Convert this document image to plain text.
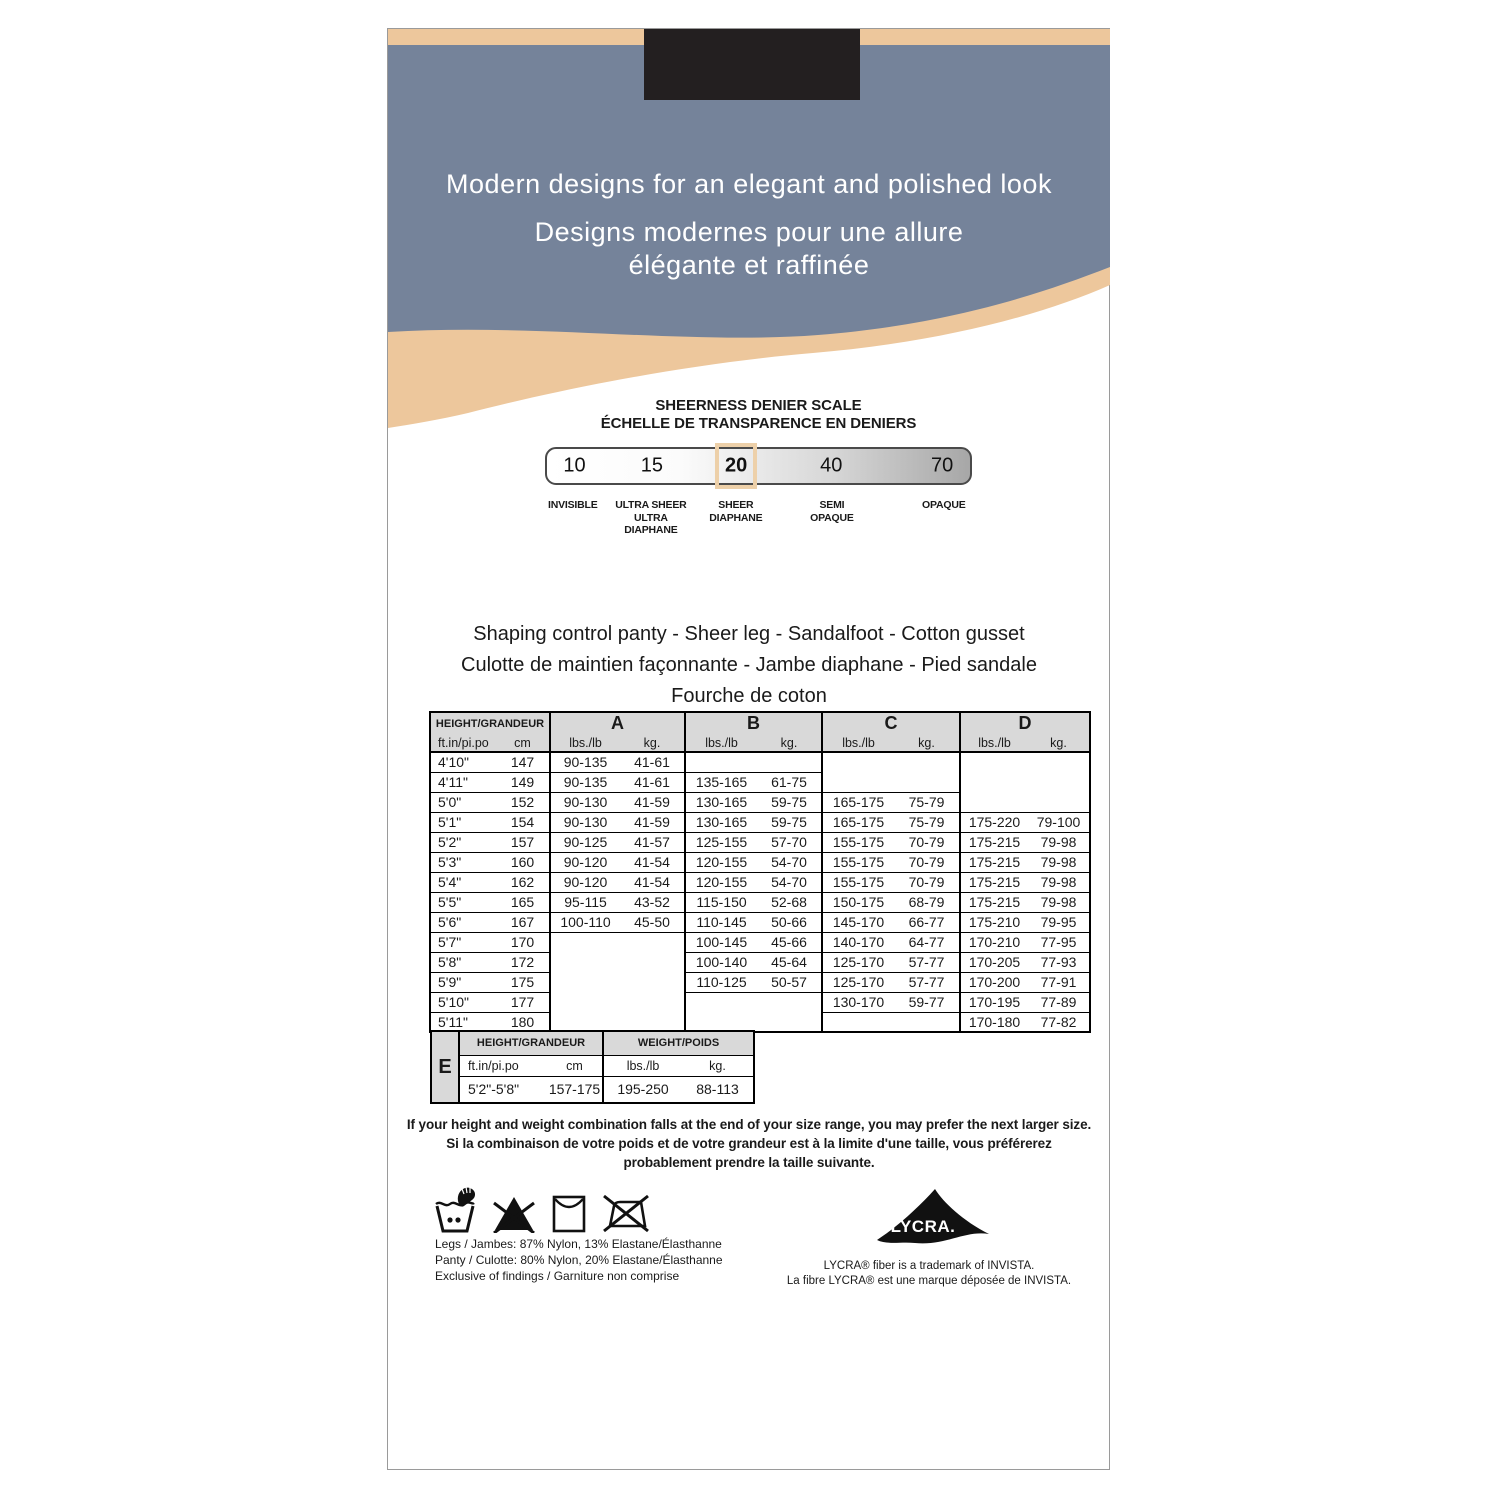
Modern designs for an elegant and polished look
Designs modernes pour une allure
élégante et raffinée
SHEERNESS DENIER SCALE
ÉCHELLE DE TRANSPARENCE EN DENIERS
10	15	20	40	70
INVISIBLE ULTRA SHEER
ULTRA
DIAPHANE
SHEER
DIAPHANE
SEMI
OPAQUE
OPAQUE
Shaping control panty - Sheer leg - Sandalfoot - Cotton gusset
Culotte de maintien façonnante - Jambe diaphane - Pied sandale
Fourche de coton
HEIGHT/GRANDEUR		A		B		C		D	
ft.in/pi.po	cm	lbs./lb	kg.	lbs./lb	kg.	lbs./lb	kg.	lbs./lb	kg.
4'10"	147	90-135	41-61						
4'11"	149	90-135	41-61	135-165	61-75				
5'0"	152	90-130	41-59	130-165	59-75	165-175	75-79		
5'1"	154	90-130	41-59	130-165	59-75	165-175	75-79	175-220	79-100
5'2"	157	90-125	41-57	125-155	57-70	155-175	70-79	175-215	79-98
5'3"	160	90-120	41-54	120-155	54-70	155-175	70-79	175-215	79-98
5'4"	162	90-120	41-54	120-155	54-70	155-175	70-79	175-215	79-98
5'5"	165	95-115	43-52	115-150	52-68	150-175	68-79	175-215	79-98
5'6"	167	100-110	45-50	110-145	50-66	145-170	66-77	175-210	79-95
5'7"	170			100-145	45-66	140-170	64-77	170-210	77-95
5'8"	172			100-140	45-64	125-170	57-77	170-205	77-93
5'9"	175			110-125	50-57	125-170	57-77	170-200	77-91
5'10"	177					130-170	59-77	170-195	77-89
5'11"	180							170-180	77-82
E	HEIGHT/GRANDEUR		WEIGHT/POIDS	
	ft.in/pi.po	cm	lbs./lb	kg.
	5'2"-5'8"	157-175	195-250	88-113
If your height and weight combination falls at the end of your size range, you may prefer the next larger size.
Si la combinaison de votre poids et de votre grandeur est à la limite d'une taille, vous préférerez
probablement prendre la taille suivante.
Legs / Jambes: 87% Nylon, 13% Elastane/Élasthanne
Panty / Culotte: 80% Nylon, 20% Elastane/Élasthanne
Exclusive of findings / Garniture non comprise
LYCRA.
LYCRA® fiber is a trademark of INVISTA.
La fibre LYCRA® est une marque déposée de INVISTA.
